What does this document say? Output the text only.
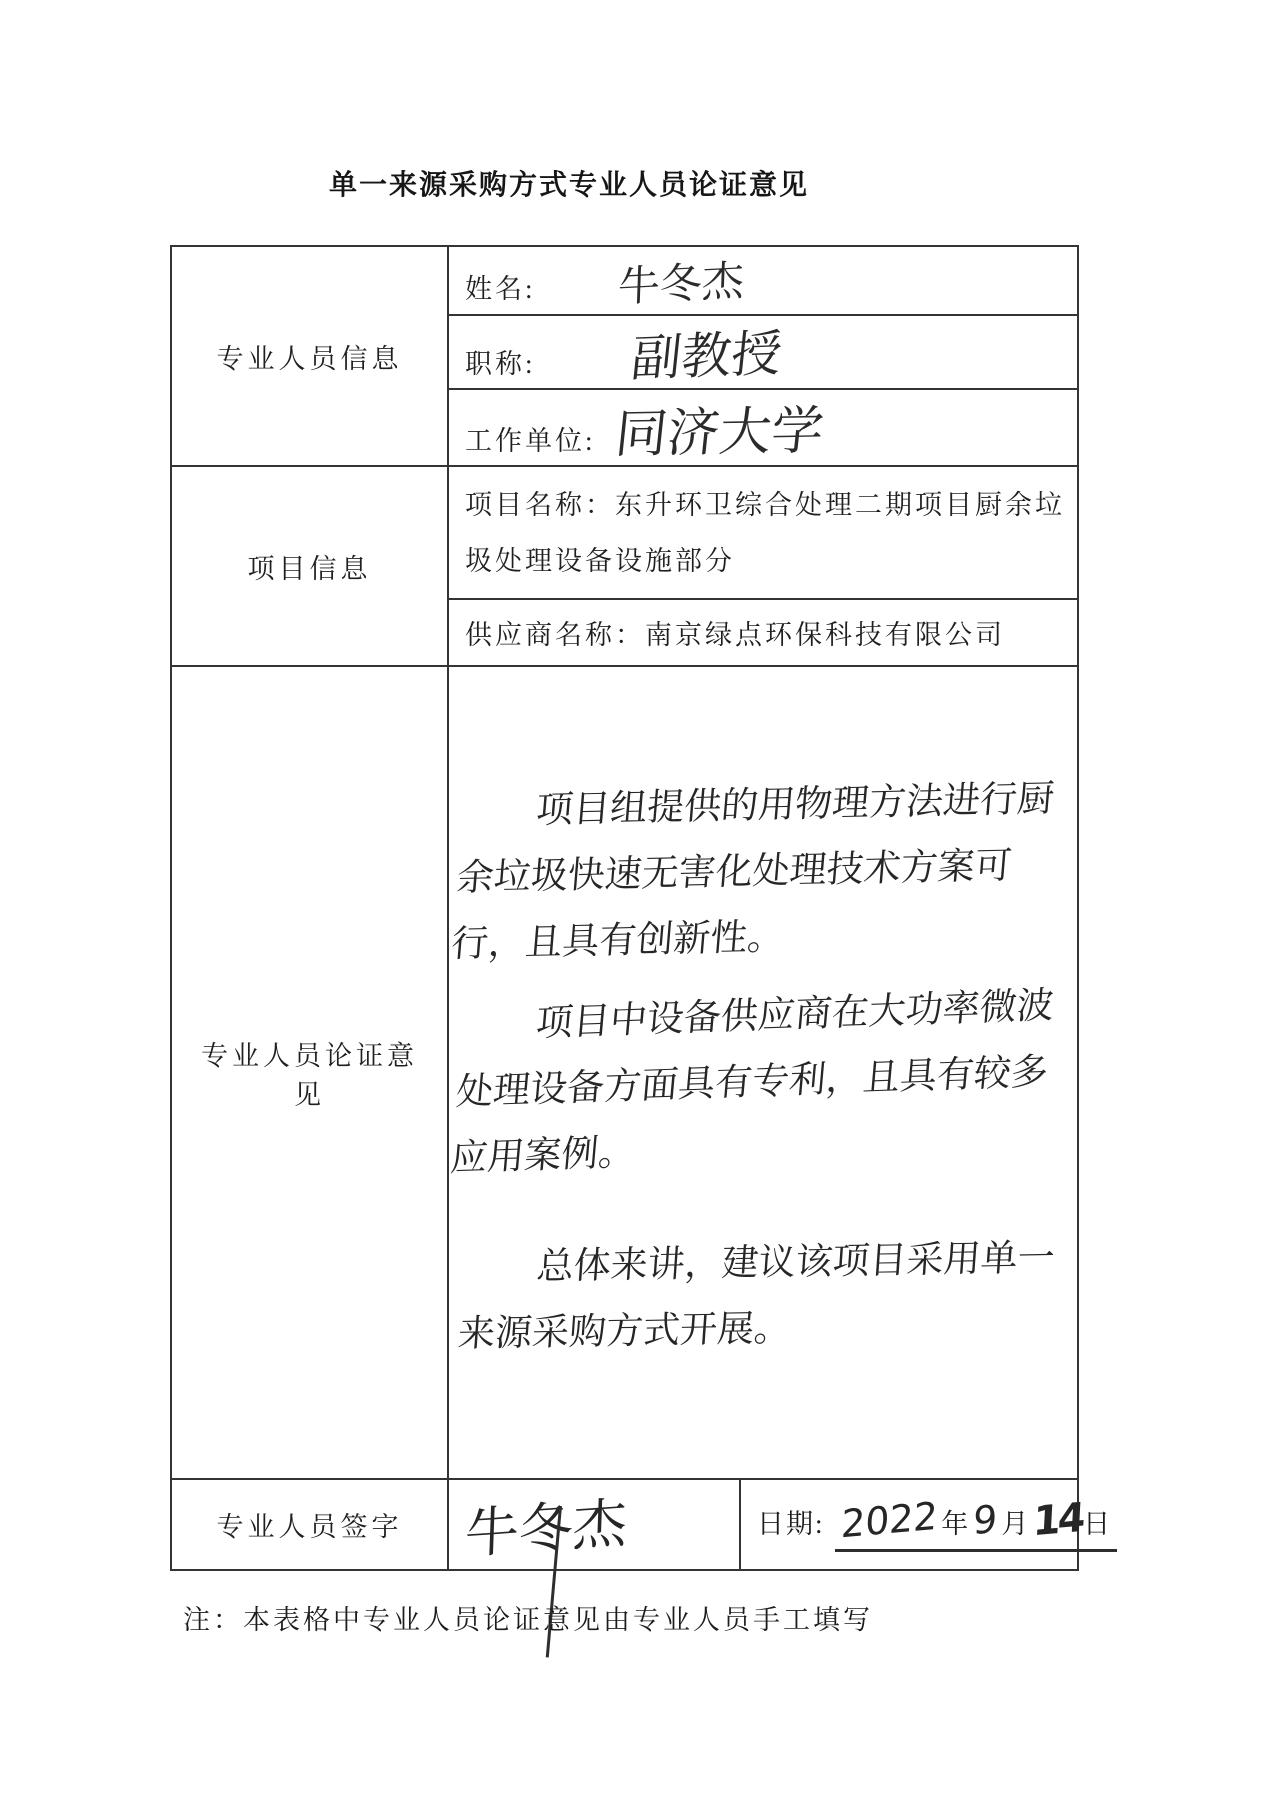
单一来源采购方式专业人员论证意见
专业人员信息	姓名: 牛冬杰	
	职称: 副教授	
	工作单位: 同济大学	
项目信息	项目名称：东升环卫综合处理二期项目厨余垃
圾处理设备设施部分	

	供应商名称：南京绿点环保科技有限公司	
专业人员论证意见	项目组提供的用物理方法进行厨余垃圾快速无害化处理技术方案可行，且具有创新性。
项目中设备供应商在大功率微波处理设备方面具有专利，且具有较多应用案例。
总体来讲，建议该项目采用单一来源采购方式开展。	

专业人员签字	牛冬杰	日期: 2022 年9 月14日
注：本表格中专业人员论证意见由专业人员手工填写
